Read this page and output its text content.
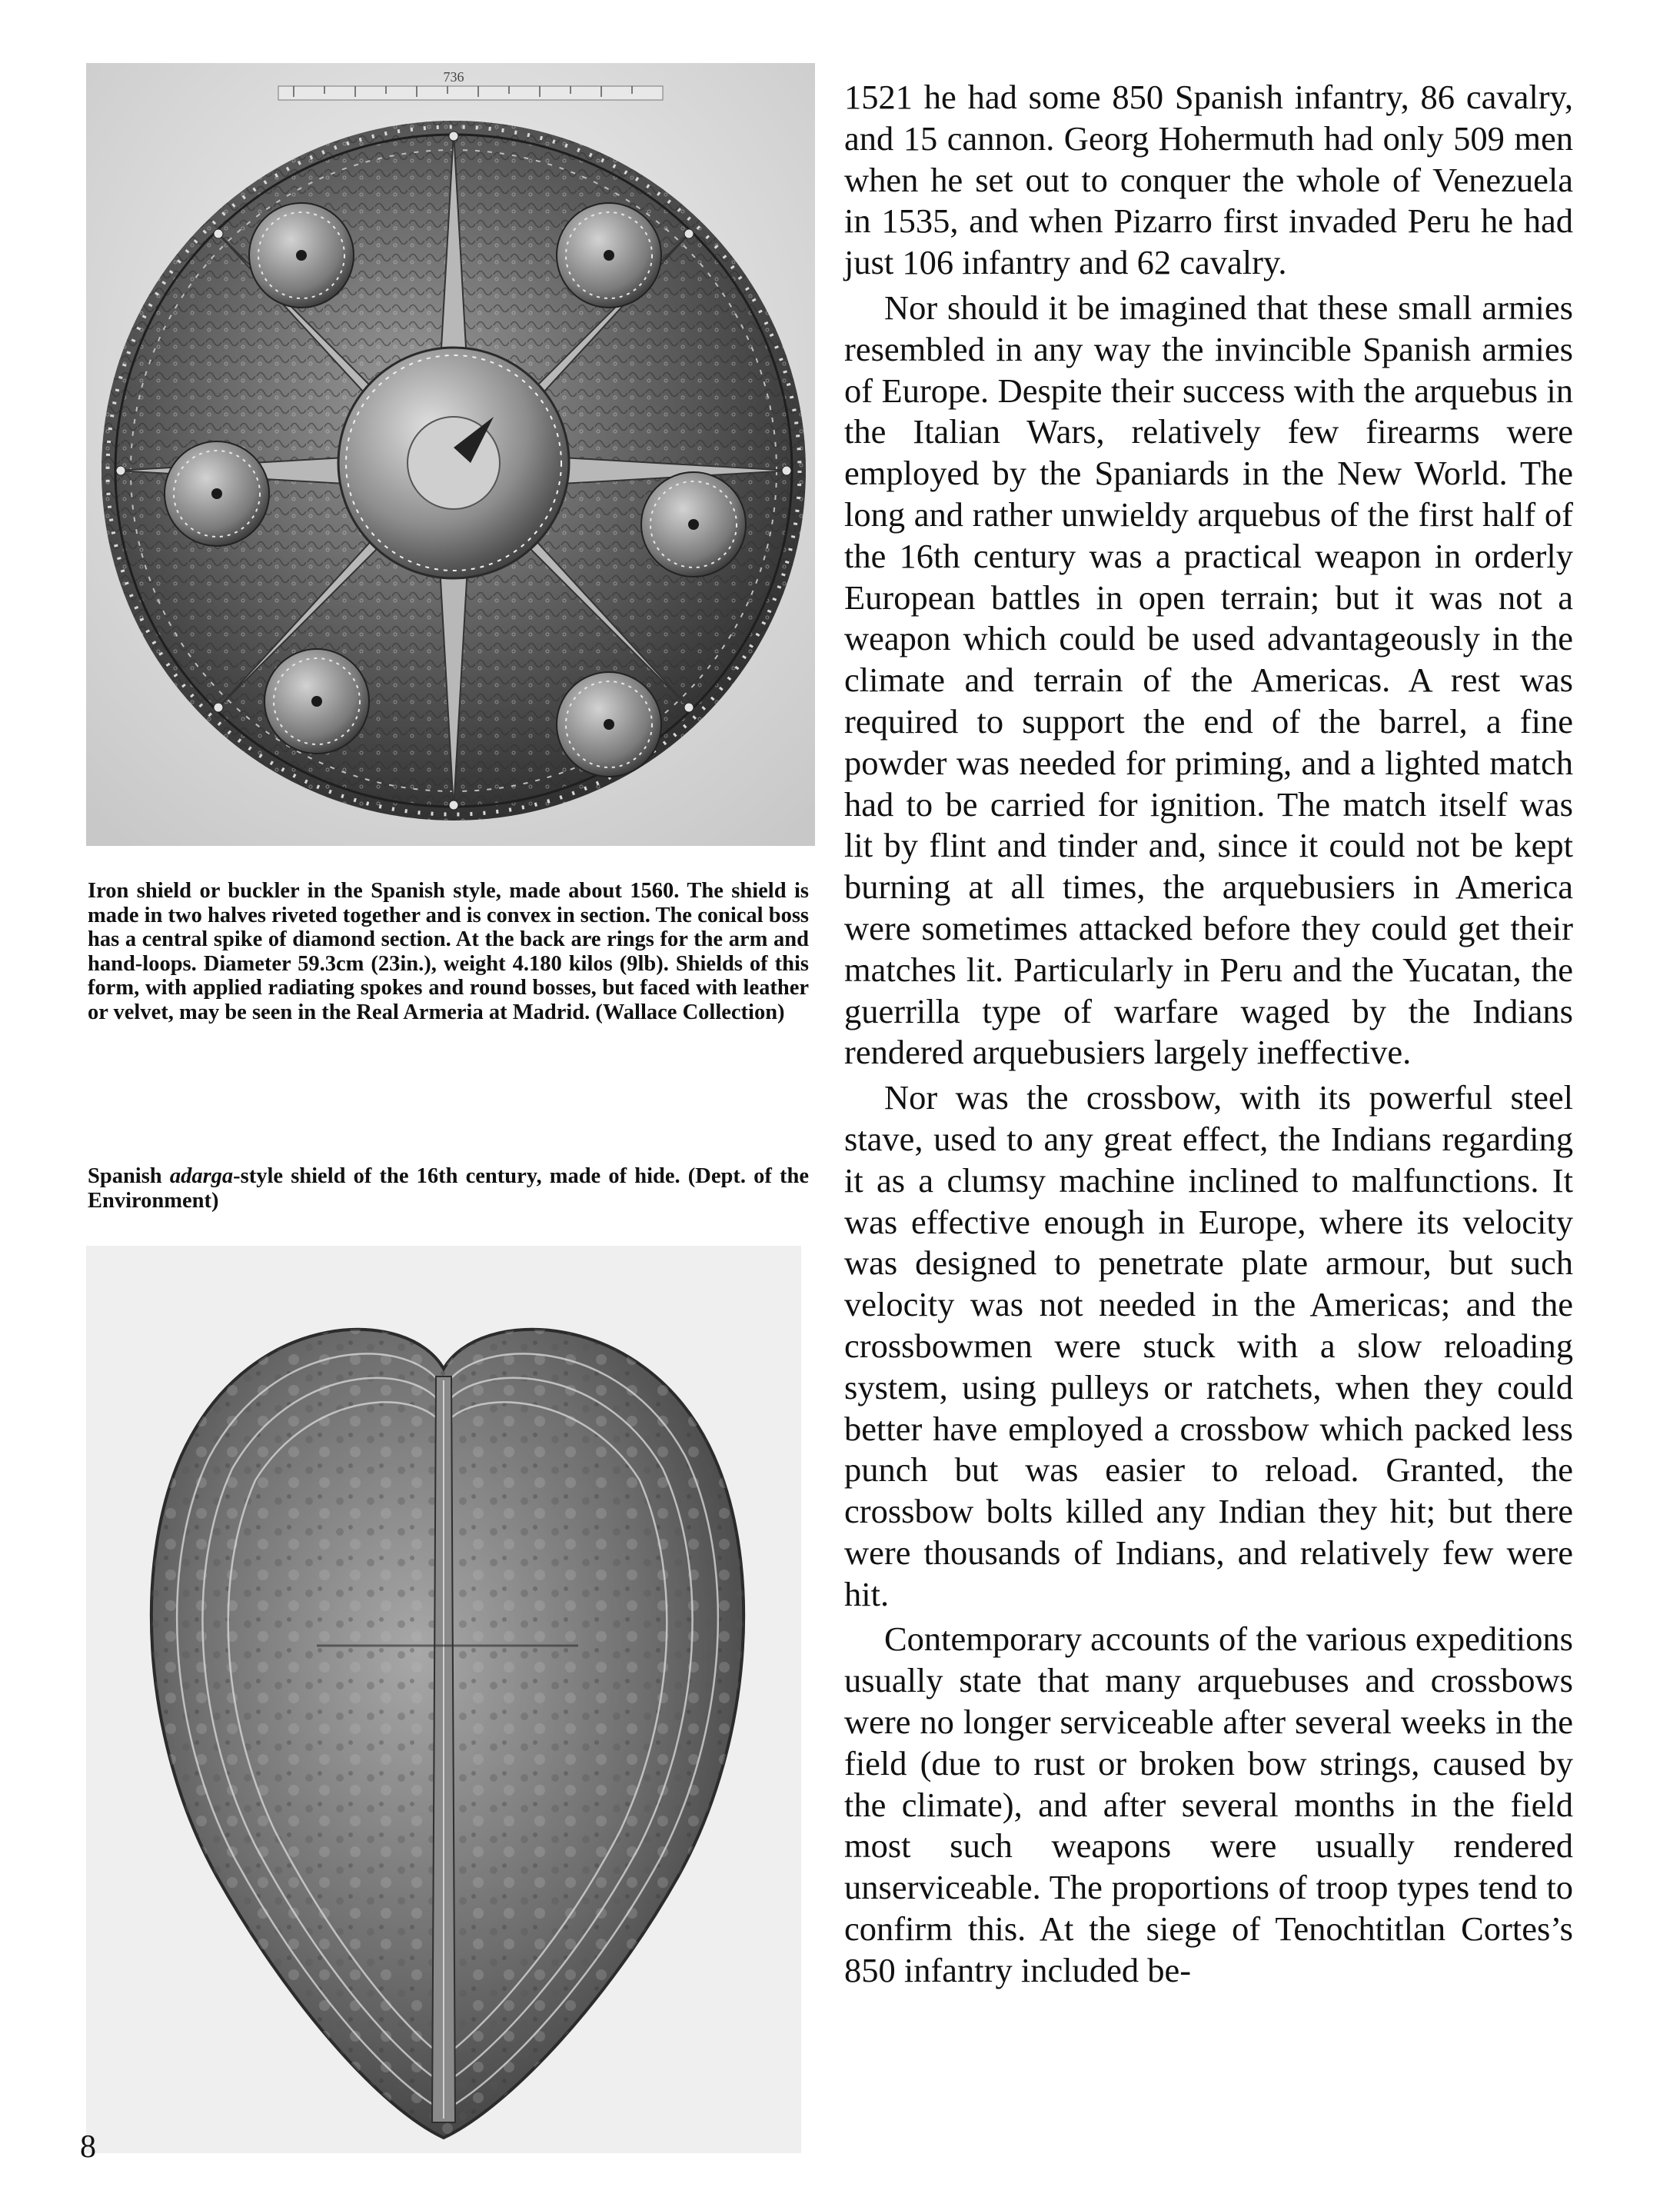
736

Iron shield or buckler in the Spanish style, made about 1560. The shield is made in two halves riveted together and is convex in section. The conical boss has a central spike of diamond section. At the back are rings for the arm and hand-loops. Diameter 59.3cm (23in.), weight 4.180 kilos (9lb). Shields of this form, with applied radiating spokes and round bosses, but faced with leather or velvet, may be seen in the Real Armeria at Madrid. (Wallace Collection)

Spanish adarga-style shield of the 16th century, made of hide. (Dept. of the Environment)

1521 he had some 850 Spanish infantry, 86 cavalry, and 15 cannon. Georg Hohermuth had only 509 men when he set out to conquer the whole of Venezuela in 1535, and when Pizarro first invaded Peru he had just 106 infantry and 62 cavalry.

Nor should it be imagined that these small armies resembled in any way the invincible Spanish armies of Europe. Despite their success with the arquebus in the Italian Wars, relatively few firearms were employed by the Spaniards in the New World. The long and rather unwieldy arquebus of the first half of the 16th century was a practical weapon in orderly European battles in open terrain; but it was not a weapon which could be used advantageously in the climate and terrain of the Americas. A rest was required to support the end of the barrel, a fine powder was needed for priming, and a lighted match had to be carried for ignition. The match itself was lit by flint and tinder and, since it could not be kept burning at all times, the arquebusiers in America were sometimes attacked before they could get their matches lit. Particularly in Peru and the Yucatan, the guerrilla type of warfare waged by the Indians rendered arquebusiers largely ineffective.

Nor was the crossbow, with its powerful steel stave, used to any great effect, the Indians regarding it as a clumsy machine inclined to malfunctions. It was effective enough in Europe, where its velocity was designed to penetrate plate armour, but such velocity was not needed in the Americas; and the crossbowmen were stuck with a slow reloading system, using pulleys or ratchets, when they could better have employed a crossbow which packed less punch but was easier to reload. Granted, the crossbow bolts killed any Indian they hit; but there were thousands of Indians, and relatively few were hit.

Contemporary accounts of the various expeditions usually state that many arquebuses and crossbows were no longer serviceable after several weeks in the field (due to rust or broken bow strings, caused by the climate), and after several months in the field most such weapons were usually rendered unserviceable. The proportions of troop types tend to confirm this. At the siege of Tenochtitlan Cortes’s 850 infantry included be-

8
